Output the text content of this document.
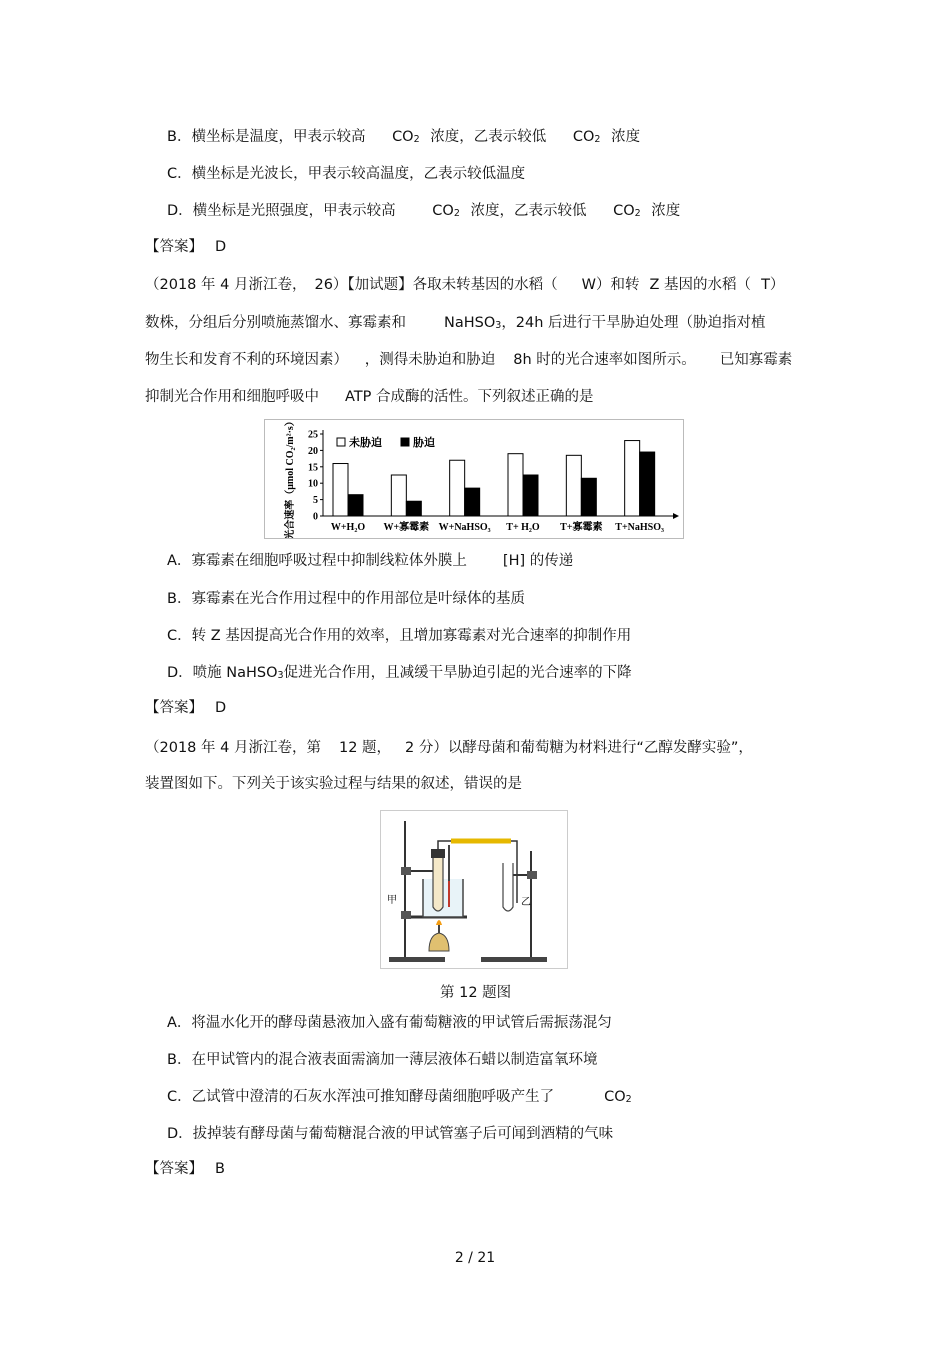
B．横坐标是温度，甲表示较高 $CO_2$ 浓度，乙表示较低 $CO_2$ 浓度
C．横坐标是光波长，甲表示较高温度，乙表示较低温度
D．横坐标是光照强度，甲表示较高	$CO_2$ 浓度，乙表示较低 $CO_2$ 浓度
【答案】 D
（2018 年 4 月浙江卷， 26）【加试题】各取未转基因的水稻（ W）和转 Z 基因的水稻（ T）
数株，分组后分别喷施蒸馏水、寡霉素和	NaHSO$_3$，24h 后进行干旱胁迫处理（胁迫指对植
物生长和发育不利的环境因素） ，测得未胁迫和胁迫 8h 时的光合速率如图所示。 已知寡霉素
抑制光合作用和细胞呼吸中 ATP 合成酶的活性。下列叙述正确的是
光合速率（μmol CO₂/m²·s） 0
5
10
15
20
25
W+H₂O W+寡霉素 W+NaHSO₃ T+ H₂O T+寡霉素 T+NaHSO₃
未胁迫	胁迫
A．寡霉素在细胞呼吸过程中抑制线粒体外膜上 [H] 的传递
B．寡霉素在光合作用过程中的作用部位是叶绿体的基质
C．转 Z 基因提高光合作用的效率，且增加寡霉素对光合速率的抑制作用
D．喷施 NaHSO$_3$促进光合作用，且减缓干旱胁迫引起的光合速率的下降
【答案】 D
（2018 年 4 月浙江卷，第 12 题， 2 分）以酵母菌和葡萄糖为材料进行“乙醇发酵实验”，
装置图如下。下列关于该实验过程与结果的叙述，错误的是
甲	乙
第 12 题图
A．将温水化开的酵母菌悬液加入盛有葡萄糖液的甲试管后需振荡混匀
B．在甲试管内的混合液表面需滴加一薄层液体石蜡以制造富氧环境
C．乙试管中澄清的石灰水浑浊可推知酵母菌细胞呼吸产生了	$CO_2$
D．拔掉装有酵母菌与葡萄糖混合液的甲试管塞子后可闻到酒精的气味
【答案】 B
2 / 21
